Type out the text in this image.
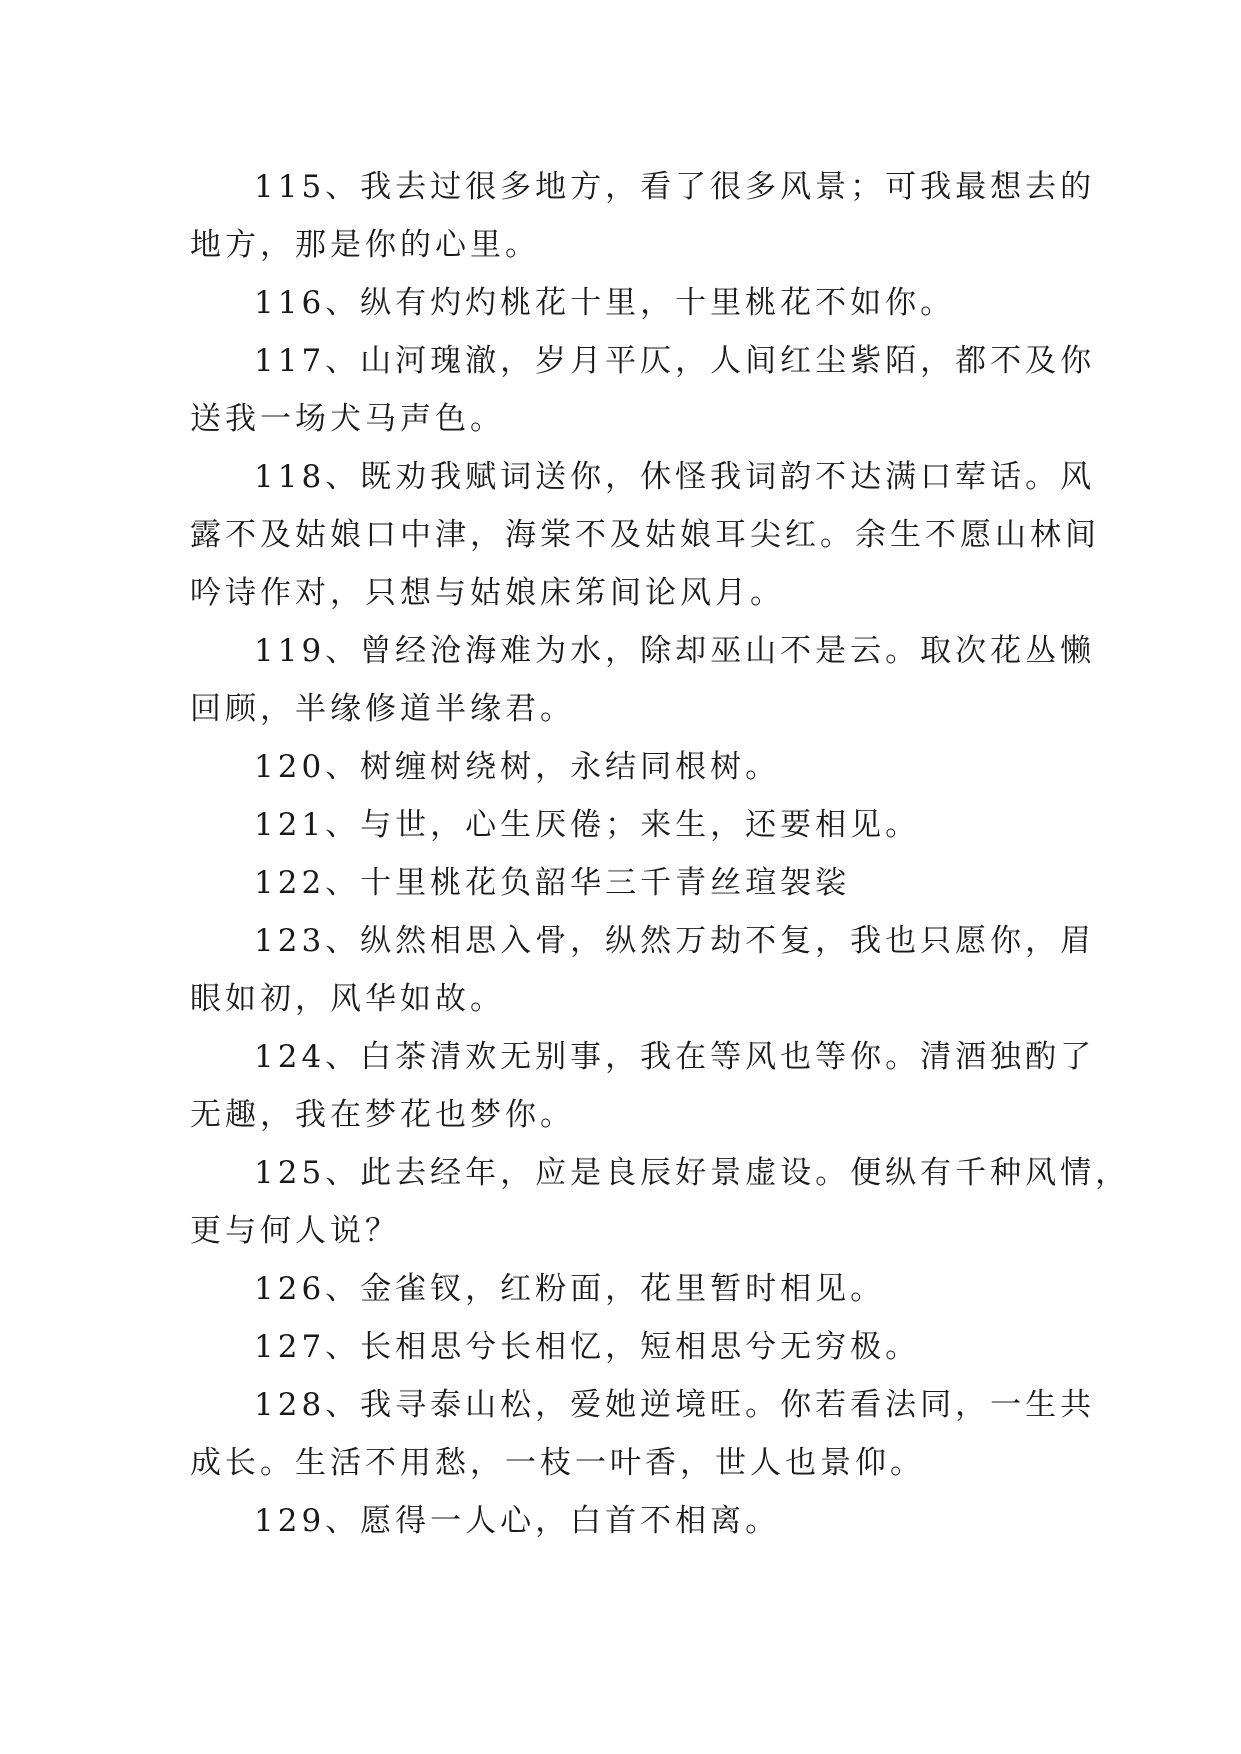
115、我去过很多地方，看了很多风景；可我最想去的
地方，那是你的心里。

116、纵有灼灼桃花十里，十里桃花不如你。

117、山河瑰澈，岁月平仄，人间红尘紫陌，都不及你
送我一场犬马声色。

118、既劝我赋词送你，休怪我词韵不达满口荤话。风
露不及姑娘口中津，海棠不及姑娘耳尖红。余生不愿山林间
吟诗作对，只想与姑娘床笫间论风月。

119、曾经沧海难为水，除却巫山不是云。取次花丛懒
回顾，半缘修道半缘君。

120、树缠树绕树，永结同根树。

121、与世，心生厌倦；来生，还要相见。

122、十里桃花负韶华三千青丝瑄袈裟

123、纵然相思入骨，纵然万劫不复，我也只愿你，眉
眼如初，风华如故。

124、白茶清欢无别事，我在等风也等你。清酒独酌了
无趣，我在梦花也梦你。

125、此去经年，应是良辰好景虚设。便纵有千种风情，
更与何人说？

126、金雀钗，红粉面，花里暂时相见。

127、长相思兮长相忆，短相思兮无穷极。

128、我寻泰山松，爱她逆境旺。你若看法同，一生共
成长。生活不用愁，一枝一叶香，世人也景仰。

129、愿得一人心，白首不相离。
